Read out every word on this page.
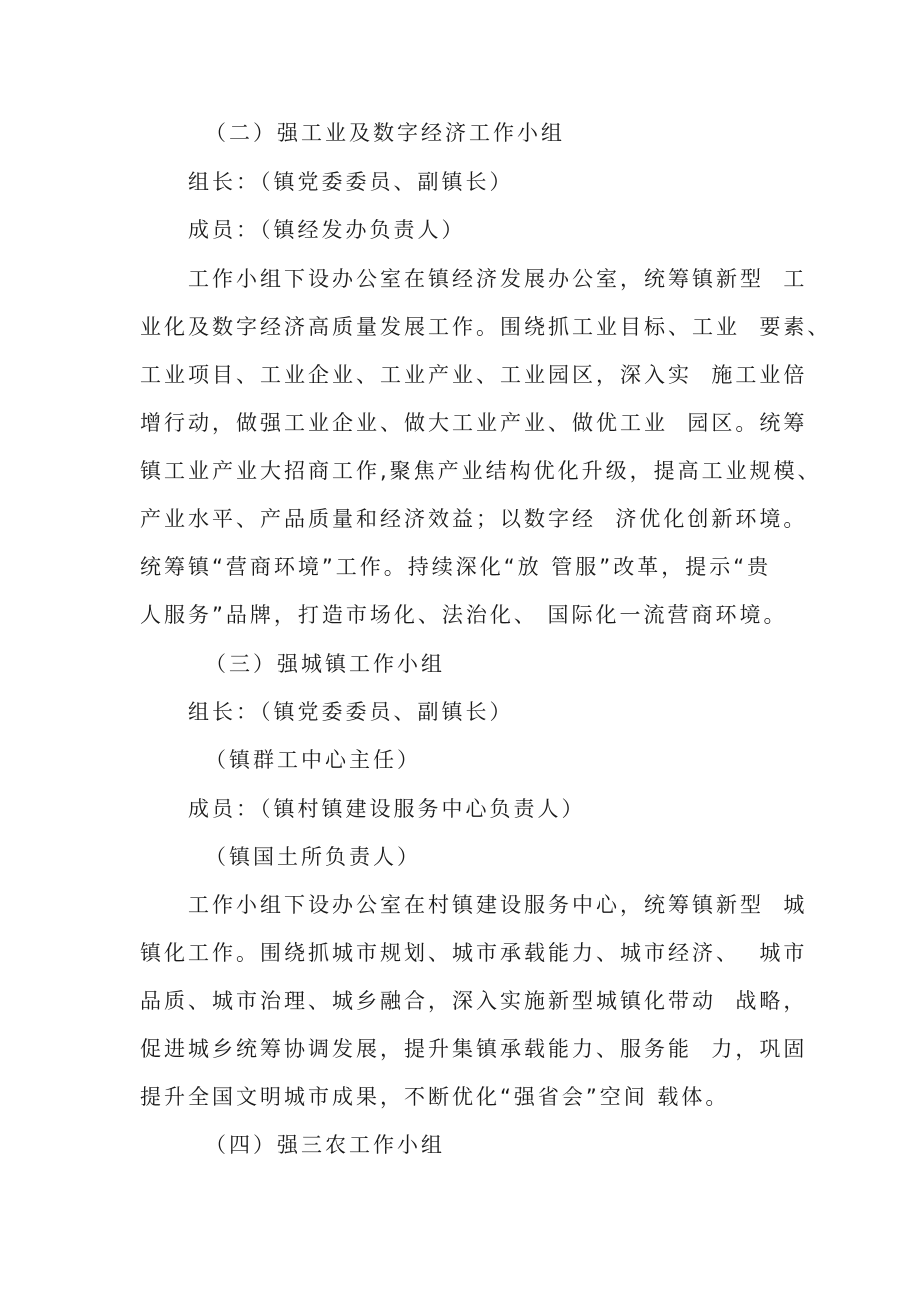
（二）强工业及数字经济工作小组
组长：（镇党委委员、副镇长）
成员：（镇经发办负责人）
工作小组下设办公室在镇经济发展办公室，统筹镇新型  工
业化及数字经济高质量发展工作。围绕抓工业目标、工业  要素、
工业项目、工业企业、工业产业、工业园区，深入实  施工业倍
增行动，做强工业企业、做大工业产业、做优工业  园区。统筹
镇工业产业大招商工作,聚焦产业结构优化升级，提高工业规模、
产业水平、产品质量和经济效益；以数字经  济优化创新环境。
统筹镇“营商环境”工作。持续深化“放 管服”改革，提示“贵
人服务”品牌，打造市场化、法治化、 国际化一流营商环境。
（三）强城镇工作小组
组长：（镇党委委员、副镇长）
（镇群工中心主任）
成员：（镇村镇建设服务中心负责人）
（镇国土所负责人）
工作小组下设办公室在村镇建设服务中心，统筹镇新型  城
镇化工作。围绕抓城市规划、城市承载能力、城市经济、  城市
品质、城市治理、城乡融合，深入实施新型城镇化带动  战略，
促进城乡统筹协调发展，提升集镇承载能力、服务能  力，巩固
提升全国文明城市成果，不断优化“强省会”空间 载体。
（四）强三农工作小组
